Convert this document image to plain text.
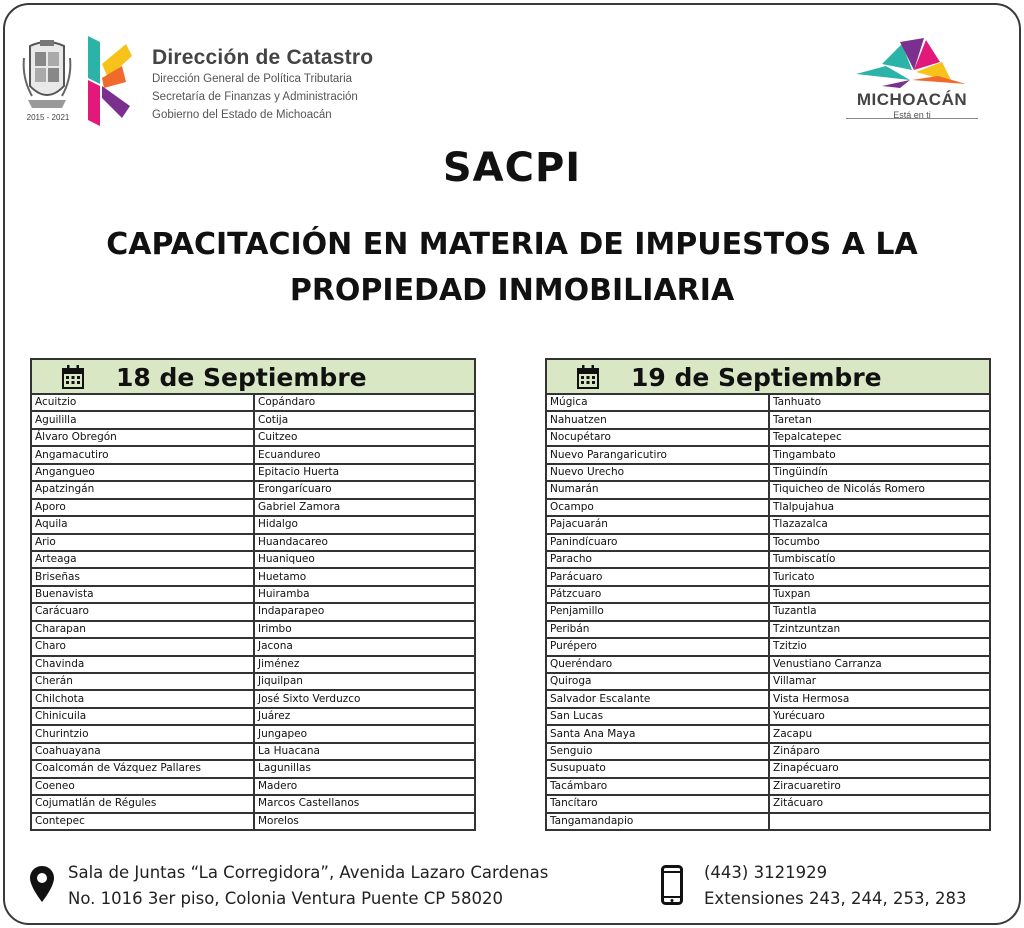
2015 - 2021
Dirección de Catastro
Dirección General de Política Tributaria
Secretaría de Finanzas y Administración
Gobierno del Estado de Michoacán
MICHOACÁN
Está en ti
SACPI
CAPACITACIÓN EN MATERIA DE IMPUESTOS A LA
PROPIEDAD INMOBILIARIA
18 de Septiembre
Acuitzio	Copándaro
Aguililla	Cotija
Álvaro Obregón	Cuitzeo
Angamacutiro	Ecuandureo
Angangueo	Epitacio Huerta
Apatzingán	Erongarícuaro
Aporo	Gabriel Zamora
Aquila	Hidalgo
Ario	Huandacareo
Arteaga	Huaniqueo
Briseñas	Huetamo
Buenavista	Huiramba
Carácuaro	Indaparapeo
Charapan	Irimbo
Charo	Jacona
Chavinda	Jiménez
Cherán	Jiquilpan
Chilchota	José Sixto Verduzco
Chinicuila	Juárez
Churintzio	Jungapeo
Coahuayana	La Huacana
Coalcomán de Vázquez Pallares	Lagunillas
Coeneo	Madero
Cojumatlán de Régules	Marcos Castellanos
Contepec	Morelos
19 de Septiembre
Múgica	Tanhuato
Nahuatzen	Taretan
Nocupétaro	Tepalcatepec
Nuevo Parangaricutiro	Tingambato
Nuevo Urecho	Tingüindín
Numarán	Tiquicheo de Nicolás Romero
Ocampo	Tlalpujahua
Pajacuarán	Tlazazalca
Panindícuaro	Tocumbo
Paracho	Tumbiscatío
Parácuaro	Turicato
Pátzcuaro	Tuxpan
Penjamillo	Tuzantla
Peribán	Tzintzuntzan
Purépero	Tzitzio
Queréndaro	Venustiano Carranza
Quiroga	Villamar
Salvador Escalante	Vista Hermosa
San Lucas	Yurécuaro
Santa Ana Maya	Zacapu
Senguio	Zináparo
Susupuato	Zinapécuaro
Tacámbaro	Ziracuaretiro
Tancítaro	Zitácuaro
Tangamandapio	
Sala de Juntas “La Corregidora”, Avenida Lazaro Cardenas
No. 1016 3er piso, Colonia Ventura Puente CP 58020
(443) 3121929
Extensiones 243, 244, 253, 283
